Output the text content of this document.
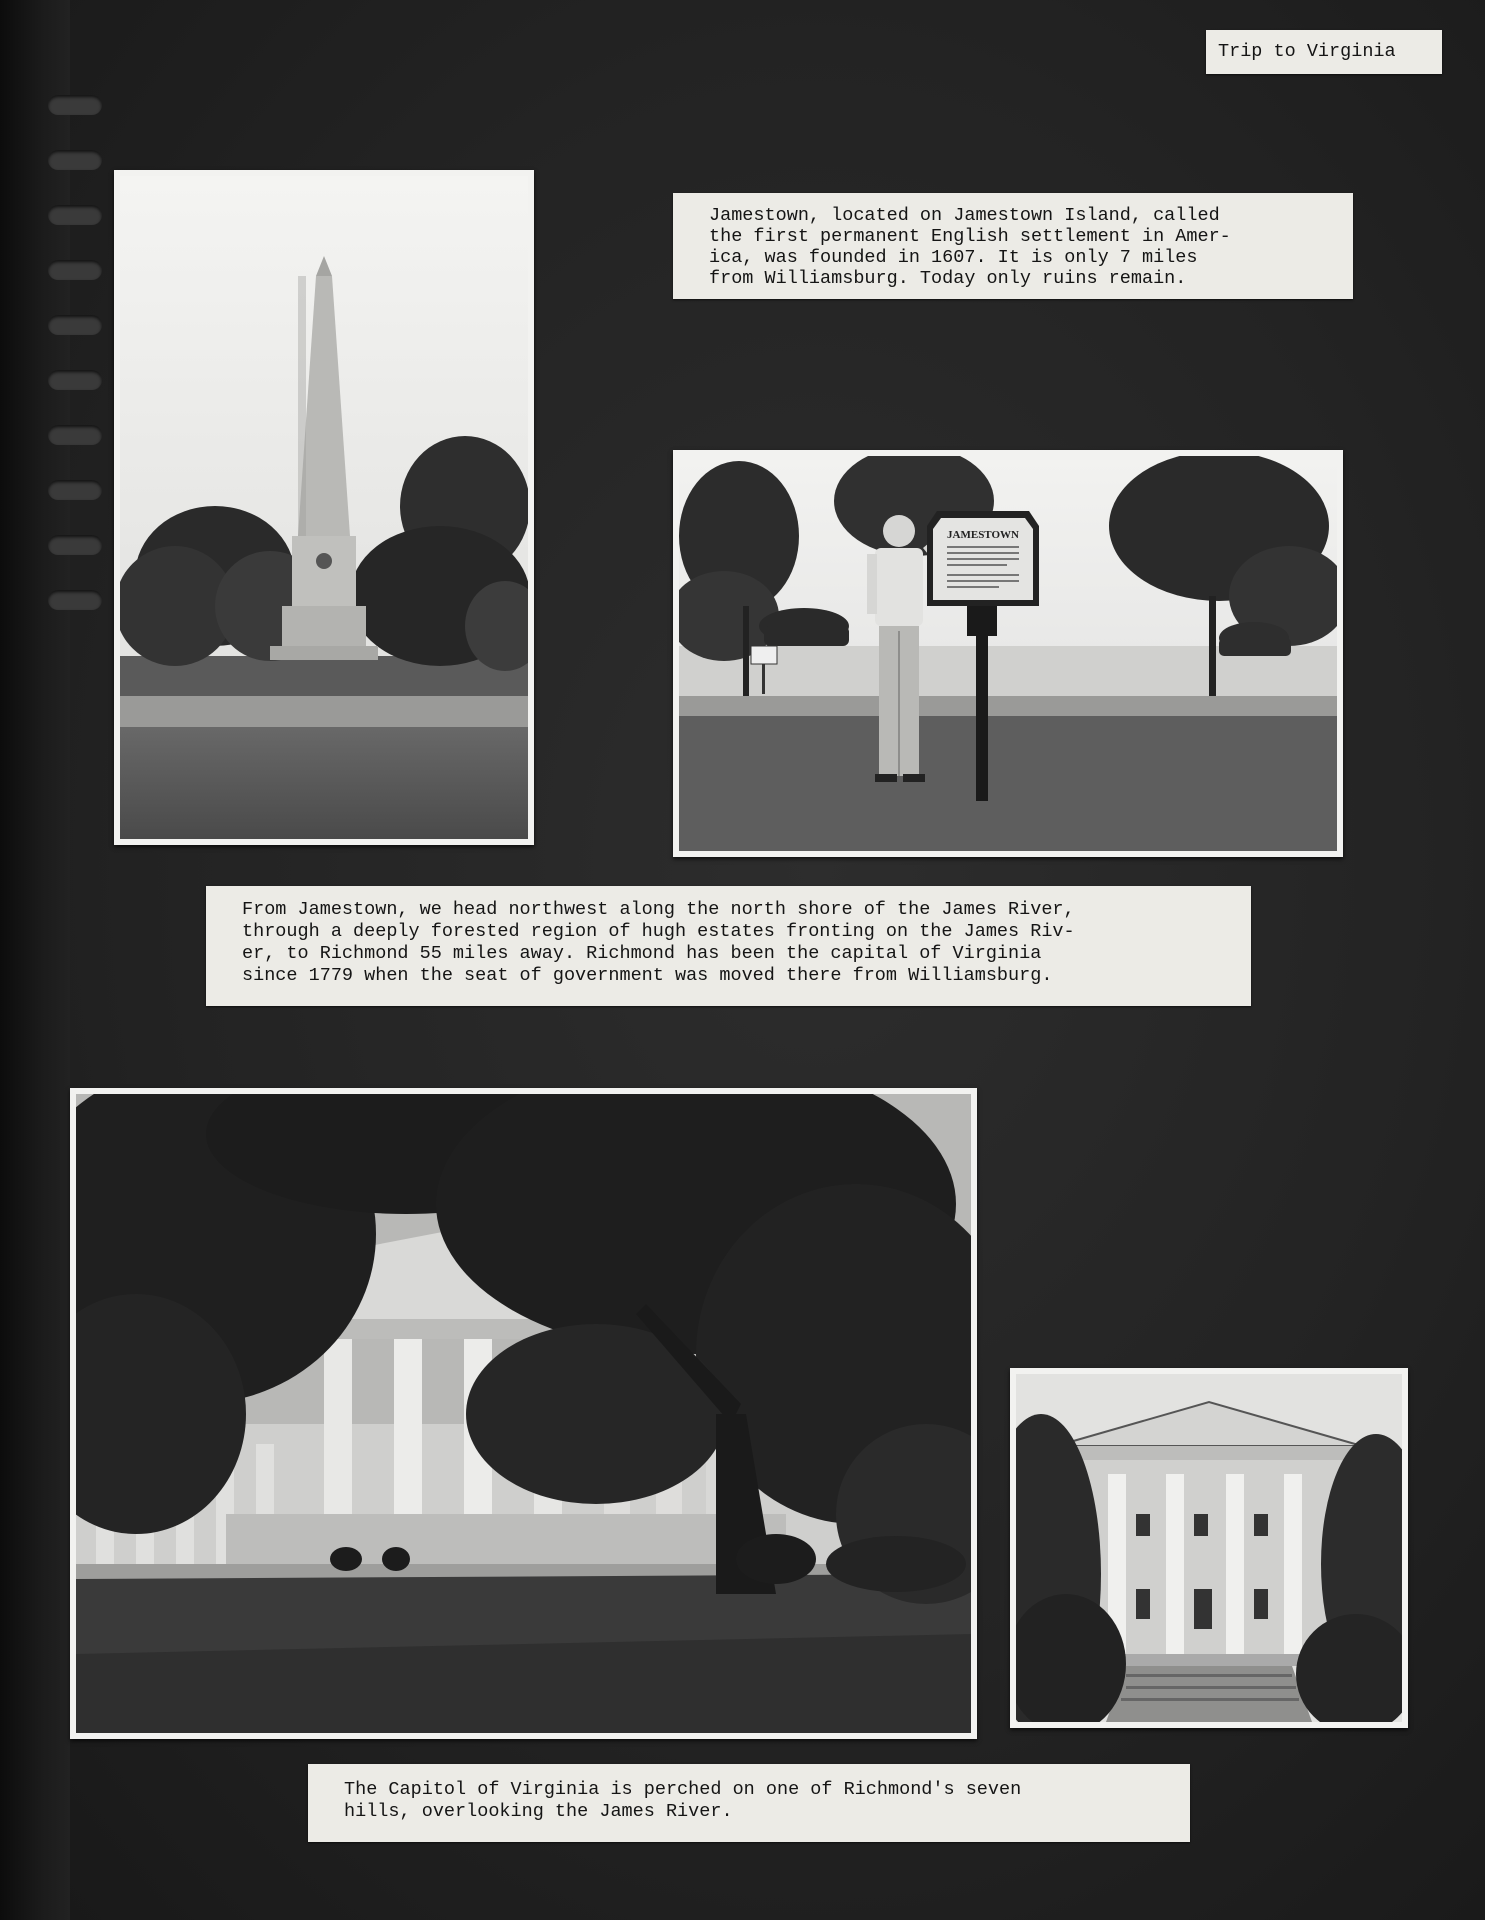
Trip to Virginia

Jamestown, located on Jamestown Island, called

the first permanent English settlement in Amer-

ica, was founded in 1607. It is only 7 miles

from Williamsburg. Today only ruins remain.

JAMESTOWN

From Jamestown, we head northwest along the north shore of the James River,

through a deeply forested region of hugh estates fronting on the James Riv-

er, to Richmond 55 miles away. Richmond has been the capital of Virginia

since 1779 when the seat of government was moved there from Williamsburg.

The Capitol of Virginia is perched on one of Richmond's seven

hills, overlooking the James River.
